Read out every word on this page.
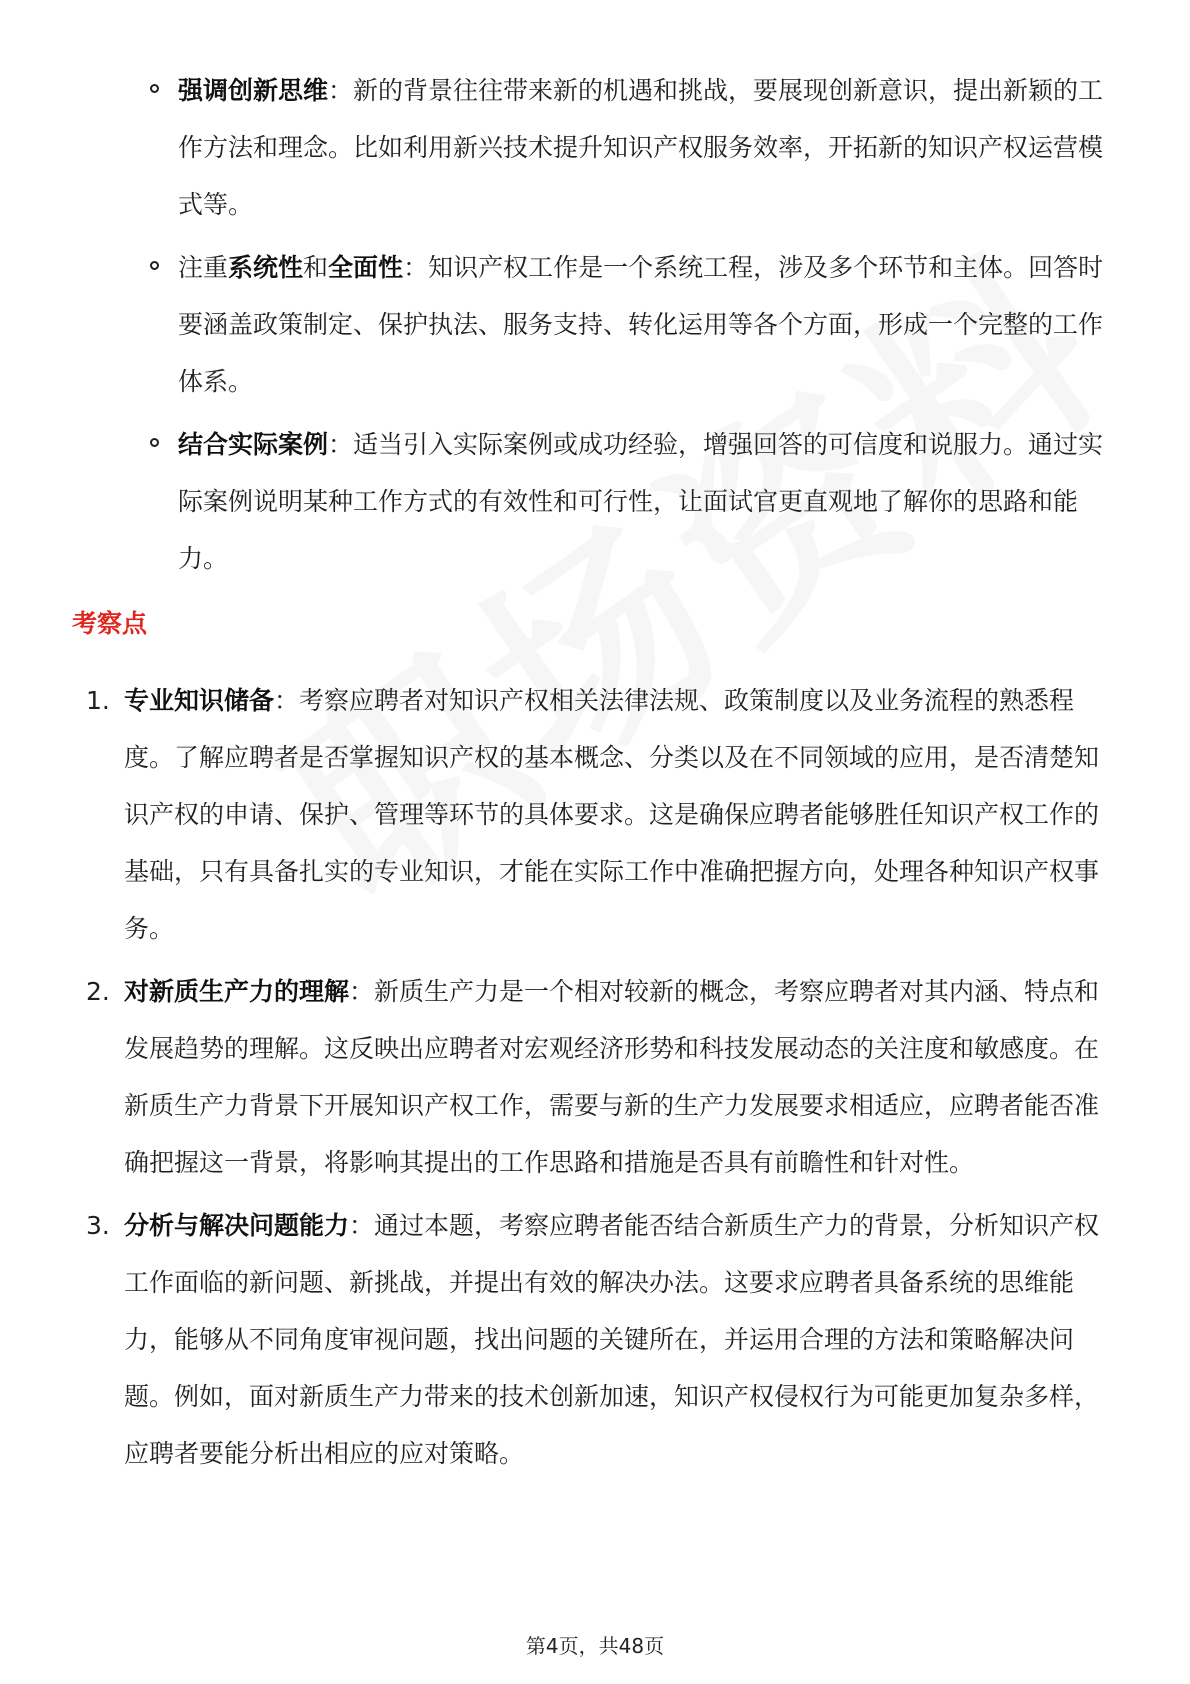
强调创新思维：新的背景往往带来新的机遇和挑战，要展现创新意识，提出新颖的工作方法和理念。比如利用新兴技术提升知识产权服务效率，开拓新的知识产权运营模式等。
注重系统性和全面性：知识产权工作是一个系统工程，涉及多个环节和主体。回答时要涵盖政策制定、保护执法、服务支持、转化运用等各个方面，形成一个完整的工作体系。
结合实际案例：适当引入实际案例或成功经验，增强回答的可信度和说服力。通过实际案例说明某种工作方式的有效性和可行性，让面试官更直观地了解你的思路和能力。
考察点
1. 专业知识储备：考察应聘者对知识产权相关法律法规、政策制度以及业务流程的熟悉程度。了解应聘者是否掌握知识产权的基本概念、分类以及在不同领域的应用，是否清楚知识产权的申请、保护、管理等环节的具体要求。这是确保应聘者能够胜任知识产权工作的基础，只有具备扎实的专业知识，才能在实际工作中准确把握方向，处理各种知识产权事务。
2. 对新质生产力的理解：新质生产力是一个相对较新的概念，考察应聘者对其内涵、特点和发展趋势的理解。这反映出应聘者对宏观经济形势和科技发展动态的关注度和敏感度。在新质生产力背景下开展知识产权工作，需要与新的生产力发展要求相适应，应聘者能否准确把握这一背景，将影响其提出的工作思路和措施是否具有前瞻性和针对性。
3. 分析与解决问题能力：通过本题，考察应聘者能否结合新质生产力的背景，分析知识产权工作面临的新问题、新挑战，并提出有效的解决办法。这要求应聘者具备系统的思维能力，能够从不同角度审视问题，找出问题的关键所在，并运用合理的方法和策略解决问题。例如，面对新质生产力带来的技术创新加速，知识产权侵权行为可能更加复杂多样，应聘者要能分析出相应的应对策略。
第4页，共48页
